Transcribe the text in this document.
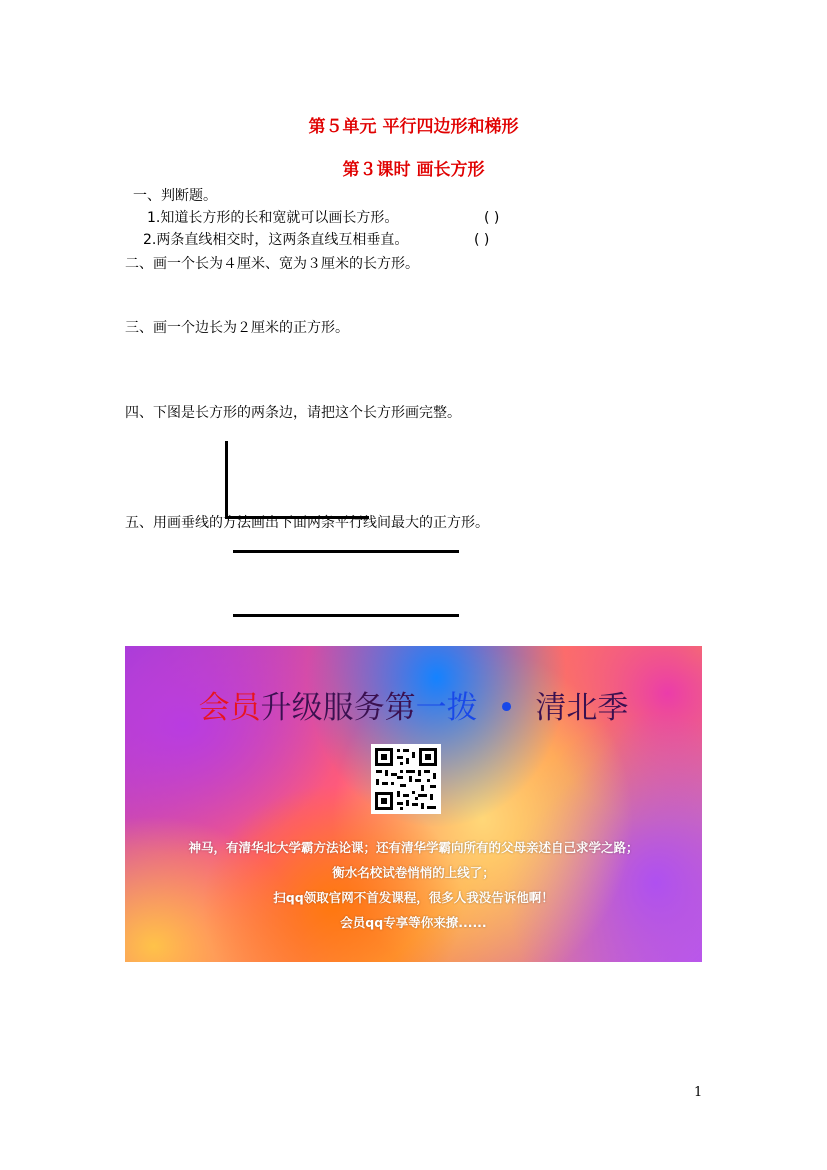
第５单元 平行四边形和梯形
第３课时 画长方形
一、判断题。
1.知道长方形的长和宽就可以画长方形。	( )
2.两条直线相交时，这两条直线互相垂直。	( )
二、画一个长为４厘米、宽为３厘米的长方形。
三、画一个边长为２厘米的正方形。
四、下图是长方形的两条边，请把这个长方形画完整。
五、用画垂线的方法画出下面两条平行线间最大的正方形。
会员升级服务第一拨  •  清北季
神马，有清华北大学霸方法论课；还有清华学霸向所有的父母亲述自己求学之路；
衡水名校试卷悄悄的上线了；
扫qq领取官网不首发课程，很多人我没告诉他啊！
会员qq专享等你来撩......
1
